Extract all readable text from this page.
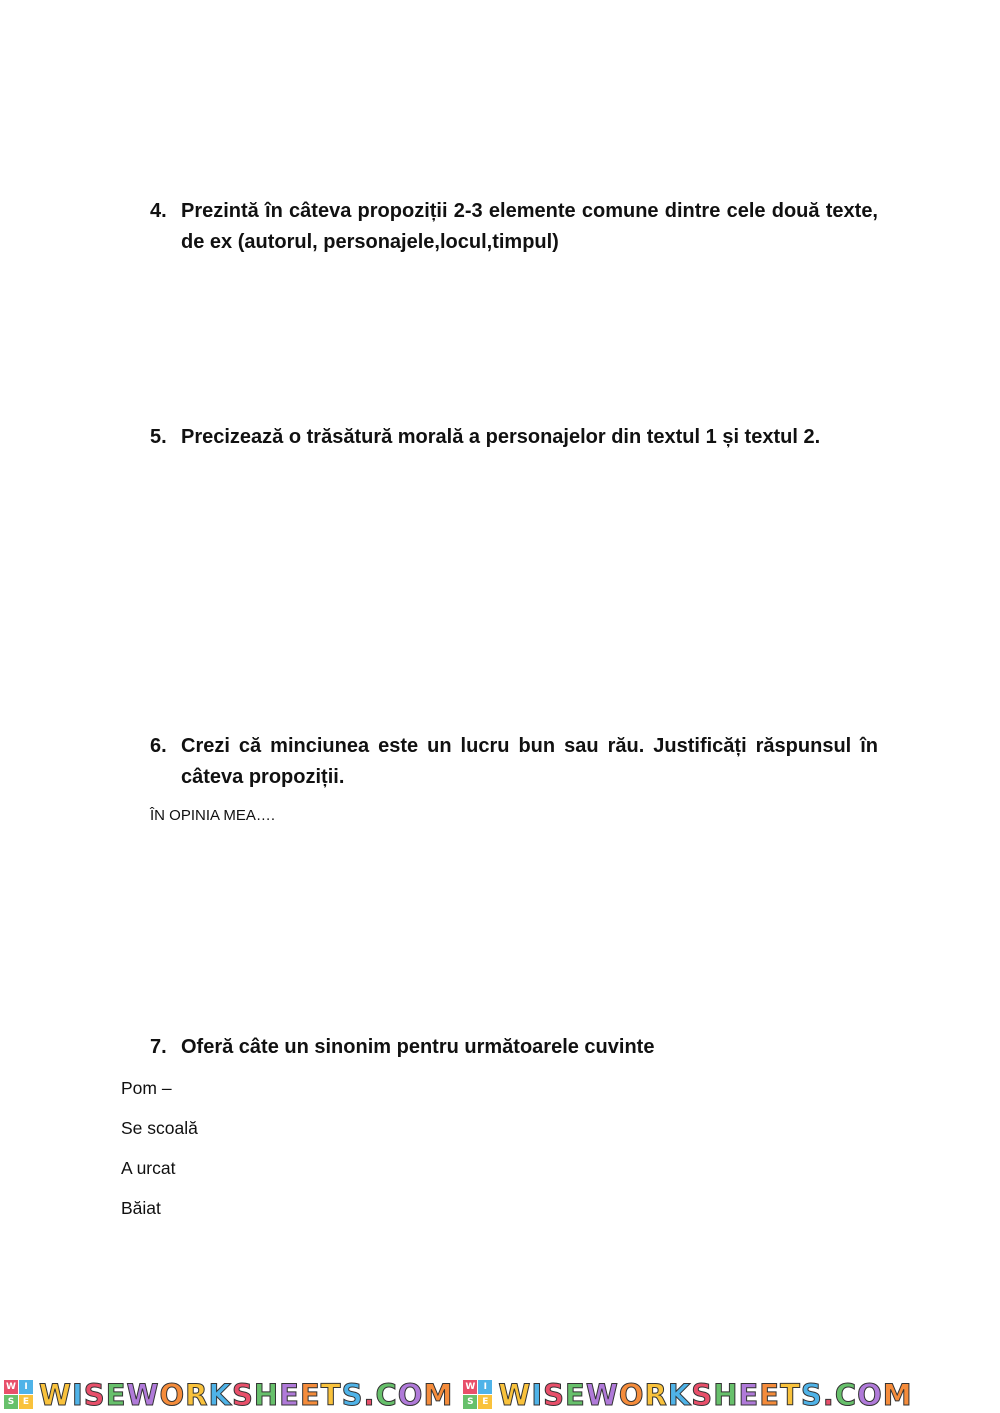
4. Prezintă în câteva propoziții 2-3 elemente comune dintre cele două texte, de ex (autorul, personajele,locul,timpul)
5. Precizează o trăsătură morală a personajelor din textul 1 și textul 2.
6. Crezi că minciunea este un lucru bun sau rău. Justificăți răspunsul în câteva propoziții.
ÎN OPINIA MEA….
7. Oferă câte un sinonim pentru următoarele cuvinte
Pom –
Se scoală
A urcat
Băiat
W I
S E WISEWORKSHEETS.COM W I
S E WISEWORKSHEETS.COM
